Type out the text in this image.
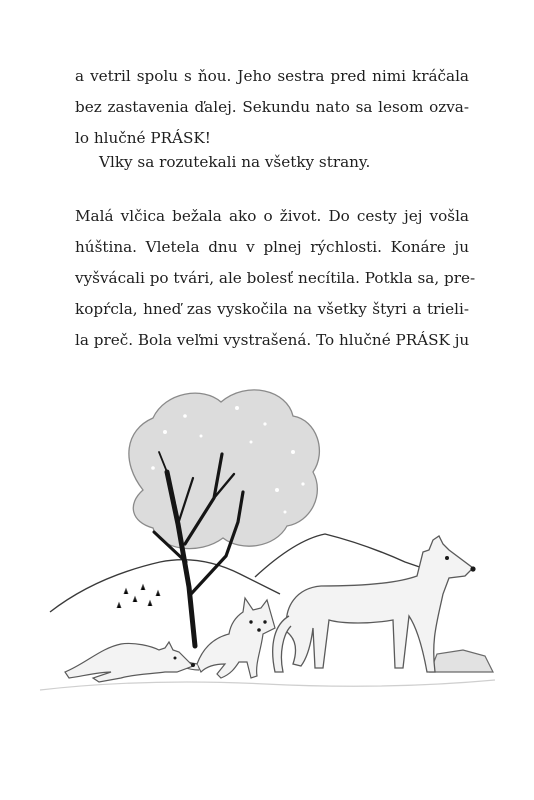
a vetril spolu s ňou. Jeho sestra pred nimi kráčala
bez zastavenia ďalej. Sekundu nato sa lesom ozva-
lo hlučné PRÁSK!
Vlky sa rozutekali na všetky strany.
Malá vlčica bežala ako o život. Do cesty jej vošla
húština. Vletela dnu v plnej rýchlosti. Konáre ju
vyšvácali po tvári, ale bolesť necítila. Potkla sa, pre-
kopŕcla, hneď zas vyskočila na všetky štyri a trieli-
la preč. Bola veľmi vystrašená. To hlučné PRÁSK ju
